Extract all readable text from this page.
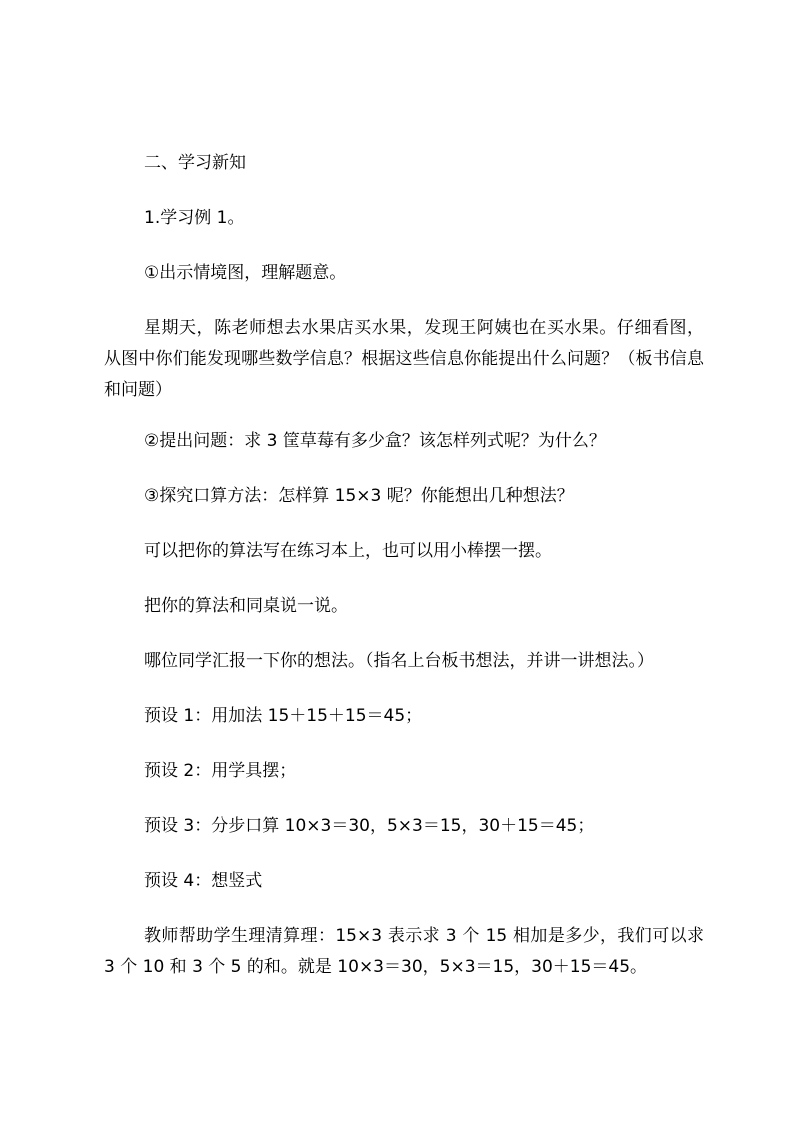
二、学习新知

1.学习例 1。

①出示情境图，理解题意。

星期天，陈老师想去水果店买水果，发现王阿姨也在买水果。仔细看图，从图中你们能发现哪些数学信息？根据这些信息你能提出什么问题？（板书信息和问题）

②提出问题：求 3 筐草莓有多少盒？该怎样列式呢？为什么？

③探究口算方法：怎样算 15×3 呢？你能想出几种想法？

可以把你的算法写在练习本上，也可以用小棒摆一摆。

把你的算法和同桌说一说。

哪位同学汇报一下你的想法。（指名上台板书想法，并讲一讲想法。）

预设 1：用加法 15＋15＋15＝45；

预设 2：用学具摆；

预设 3：分步口算 10×3＝30，5×3＝15，30＋15＝45；

预设 4：想竖式

教师帮助学生理清算理：15×3 表示求 3 个 15 相加是多少，我们可以求 3 个 10 和 3 个 5 的和。就是 10×3＝30，5×3＝15，30＋15＝45。
